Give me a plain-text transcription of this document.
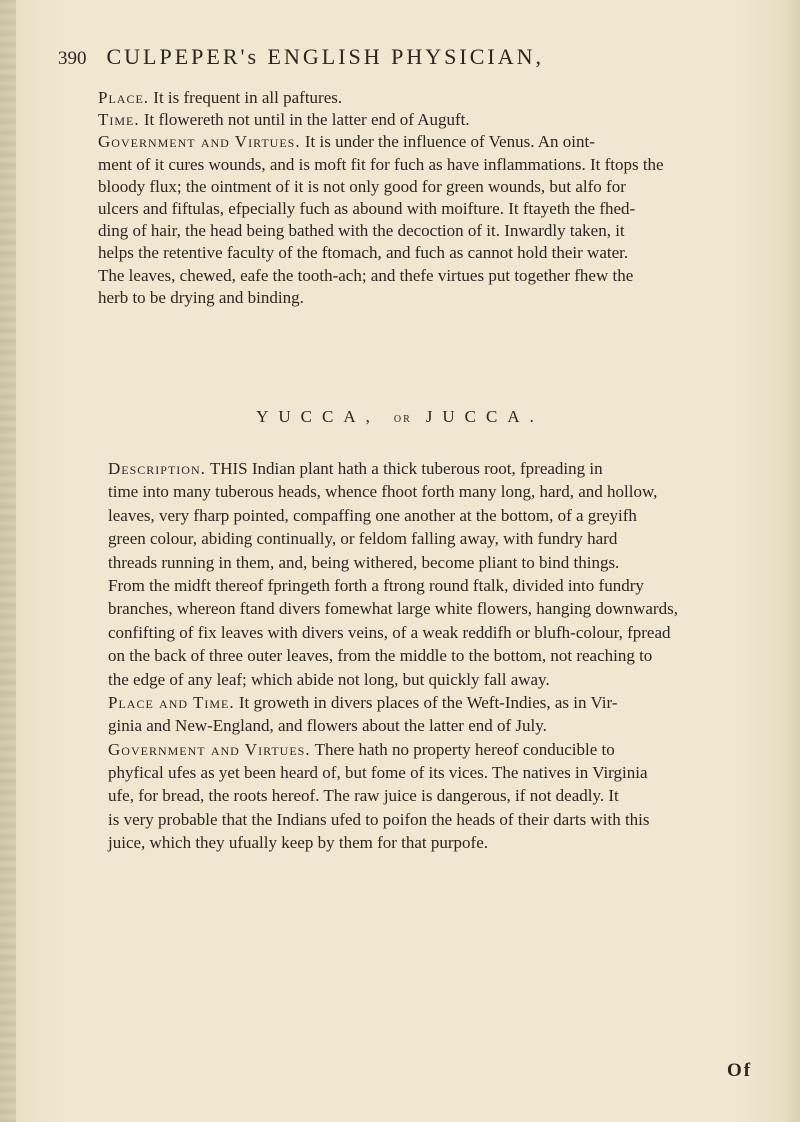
390 CULPEPER's ENGLISH PHYSICIAN,
Place. It is frequent in all paftures.
Time. It flowereth not until in the latter end of Auguft.
Government and Virtues. It is under the influence of Venus. An oint-
ment of it cures wounds, and is moft fit for fuch as have inflammations. It ftops the
bloody flux; the ointment of it is not only good for green wounds, but alfo for
ulcers and fiftulas, efpecially fuch as abound with moifture. It ftayeth the fhed-
ding of hair, the head being bathed with the decoction of it. Inwardly taken, it
helps the retentive faculty of the ftomach, and fuch as cannot hold their water.
The leaves, chewed, eafe the tooth-ach; and thefe virtues put together fhew the
herb to be drying and binding.
YUCCA, or JUCCA.
Description. THIS Indian plant hath a thick tuberous root, fpreading in
time into many tuberous heads, whence fhoot forth many long, hard, and hollow,
leaves, very fharp pointed, compaffing one another at the bottom, of a greyifh
green colour, abiding continually, or feldom falling away, with fundry hard
threads running in them, and, being withered, become pliant to bind things.
From the midft thereof fpringeth forth a ftrong round ftalk, divided into fundry
branches, whereon ftand divers fomewhat large white flowers, hanging downwards,
confifting of fix leaves with divers veins, of a weak reddifh or blufh-colour, fpread
on the back of three outer leaves, from the middle to the bottom, not reaching to
the edge of any leaf; which abide not long, but quickly fall away.
Place and Time. It groweth in divers places of the Weft-Indies, as in Vir-
ginia and New-England, and flowers about the latter end of July.
Government and Virtues. There hath no property hereof conducible to
phyfical ufes as yet been heard of, but fome of its vices. The natives in Virginia
ufe, for bread, the roots hereof. The raw juice is dangerous, if not deadly. It
is very probable that the Indians ufed to poifon the heads of their darts with this
juice, which they ufually keep by them for that purpofe.
Of
